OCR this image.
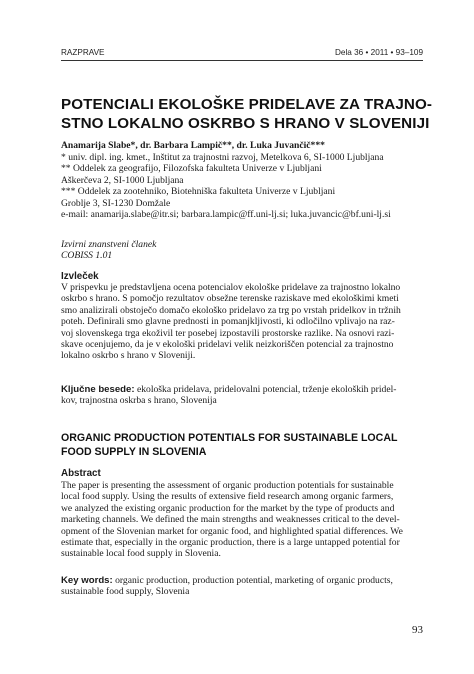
RAZPRAVE	Dela 36 • 2011 • 93–109
POTENCIALI EKOLOŠKE PRIDELAVE ZA TRAJNO-
STNO LOKALNO OSKRBO S HRANO V SLOVENIJI
Anamarija Slabe*, dr. Barbara Lampič**, dr. Luka Juvančič***
* univ. dipl. ing. kmet., Inštitut za trajnostni razvoj, Metelkova 6, SI-1000 Ljubljana
** Oddelek za geografijo, Filozofska fakulteta Univerze v Ljubljani
Aškerčeva 2, SI-1000 Ljubljana
*** Oddelek za zootehniko, Biotehniška fakulteta Univerze v Ljubljani
Groblje 3, SI-1230 Domžale
e-mail: anamarija.slabe@itr.si; barbara.lampic@ff.uni-lj.si; luka.juvancic@bf.uni-lj.si
Izvirni znanstveni članek
COBISS 1.01
Izvleček
V prispevku je predstavljena ocena potencialov ekološke pridelave za trajnostno lokalno
oskrbo s hrano. S pomočjo rezultatov obsežne terenske raziskave med ekološkimi kmeti
smo analizirali obstoječo domačo ekološko pridelavo za trg po vrstah pridelkov in tržnih
poteh. Definirali smo glavne prednosti in pomanjkljivosti, ki odločilno vplivajo na raz-
voj slovenskega trga ekoživil ter posebej izpostavili prostorske razlike. Na osnovi razi-
skave ocenjujemo, da je v ekološki pridelavi velik neizkoriščen potencial za trajnostno
lokalno oskrbo s hrano v Sloveniji.
Ključne besede: ekološka pridelava, pridelovalni potencial, trženje ekoloških pridel-
kov, trajnostna oskrba s hrano, Slovenija
ORGANIC PRODUCTION POTENTIALS FOR SUSTAINABLE LOCAL
FOOD SUPPLY IN SLOVENIA
Abstract
The paper is presenting the assessment of organic production potentials for sustainable
local food supply. Using the results of extensive field research among organic farmers,
we analyzed the existing organic production for the market by the type of products and
marketing channels. We defined the main strengths and weaknesses critical to the devel-
opment of the Slovenian market for organic food, and highlighted spatial differences. We
estimate that, especially in the organic production, there is a large untapped potential for
sustainable local food supply in Slovenia.
Key words: organic production, production potential, marketing of organic products,
sustainable food supply, Slovenia
93
